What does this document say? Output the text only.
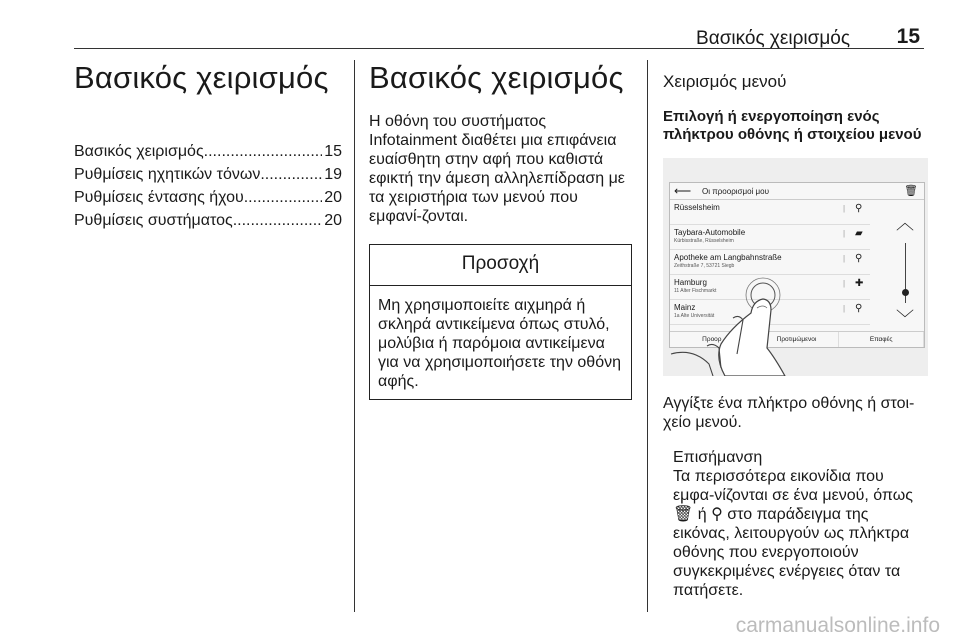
Βασικός χειρισμός 15
Βασικός χειρισμός
Βασικός χειρισμός .....	15
Ρυθμίσεις ηχητικών τόνων .....	19
Ρυθμίσεις έντασης ήχου .....	20
Ρυθμίσεις συστήματος .....	20
Βασικός χειρισμός

Η οθόνη του συστήματος Infotainment διαθέτει μια επιφάνεια ευαίσθητη στην αφή που καθιστά εφικτή την άμεση αλληλεπίδραση με τα χειριστήρια των μενού που εμφανί-ζονται.

Προσοχή
Μη χρησιμοποιείτε αιχμηρά ή σκληρά αντικείμενα όπως στυλό, μολύβια ή παρόμοια αντικείμενα για να χρησιμοποιήσετε την οθόνη αφής.
Χειρισμός μενού
Επιλογή ή ενεργοποίηση ενός πλήκτρου οθόνης ή στοιχείου μενού
⟵ Οι προορισμοί μου	🗑
Rüsselsheim	| ⚲
Taybara-Automobile
Kürbisstraße, Rüsselsheim
| ▰
Apotheke am Langbahnstraße
Zeithstraße 7, 53721 Siegb
| ⚲
Hamburg
11 Alter Fischmarkt
| ✚
Mainz
1a Alte Universität
| ⚲
︿
﹀
Προορ	Προτιμώμενοι	Επαφές

Αγγίξτε ένα πλήκτρο οθόνης ή στοι-χείο μενού.

Επισήμανση
Τα περισσότερα εικονίδια που εμφα-νίζονται σε ένα μενού, όπως 🗑 ή ⚲ στο παράδειγμα της εικόνας, λειτουργούν ως πλήκτρα οθόνης που ενεργοποιούν συγκεκριμένες ενέργειες όταν τα πατήσετε.
carmanualsonline.info
